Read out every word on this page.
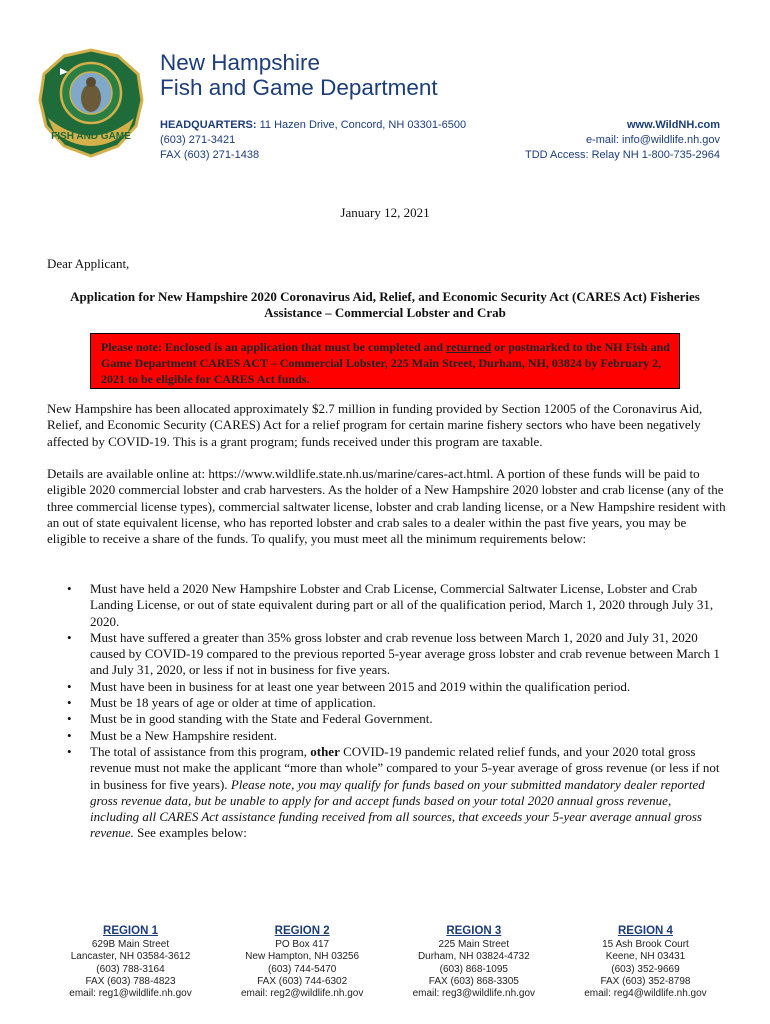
FISH AND GAME
New Hampshire
Fish and Game Department
HEADQUARTERS: 11 Hazen Drive, Concord, NH 03301-6500
(603) 271-3421
FAX (603) 271-1438
www.WildNH.com
e-mail: info@wildlife.nh.gov
TDD Access: Relay NH 1-800-735-2964
January 12, 2021
Dear Applicant,
Application for New Hampshire 2020 Coronavirus Aid, Relief, and Economic Security Act (CARES Act) Fisheries
Assistance – Commercial Lobster and Crab
Please note: Enclosed is an application that must be completed and returned or postmarked to the NH Fish and Game Department CARES ACT – Commercial Lobster, 225 Main Street, Durham, NH, 03824 by February 2, 2021 to be eligible for CARES Act funds.
New Hampshire has been allocated approximately $2.7 million in funding provided by Section 12005 of the Coronavirus Aid, Relief, and Economic Security (CARES) Act for a relief program for certain marine fishery sectors who have been negatively affected by COVID-19. This is a grant program; funds received under this program are taxable.
Details are available online at: https://www.wildlife.state.nh.us/marine/cares-act.html. A portion of these funds will be paid to eligible 2020 commercial lobster and crab harvesters. As the holder of a New Hampshire 2020 lobster and crab license (any of the three commercial license types), commercial saltwater license, lobster and crab landing license, or a New Hampshire resident with an out of state equivalent license, who has reported lobster and crab sales to a dealer within the past five years, you may be eligible to receive a share of the funds. To qualify, you must meet all the minimum requirements below:
• Must have held a 2020 New Hampshire Lobster and Crab License, Commercial Saltwater License, Lobster and Crab Landing License, or out of state equivalent during part or all of the qualification period, March 1, 2020 through July 31, 2020.
• Must have suffered a greater than 35% gross lobster and crab revenue loss between March 1, 2020 and July 31, 2020 caused by COVID-19 compared to the previous reported 5-year average gross lobster and crab revenue between March 1 and July 31, 2020, or less if not in business for five years.
• Must have been in business for at least one year between 2015 and 2019 within the qualification period.
• Must be 18 years of age or older at time of application.
• Must be in good standing with the State and Federal Government.
• Must be a New Hampshire resident.
• The total of assistance from this program, other COVID-19 pandemic related relief funds, and your 2020 total gross revenue must not make the applicant “more than whole” compared to your 5-year average of gross revenue (or less if not in business for five years). Please note, you may qualify for funds based on your submitted mandatory dealer reported gross revenue data, but be unable to apply for and accept funds based on your total 2020 annual gross revenue, including all CARES Act assistance funding received from all sources, that exceeds your 5-year average annual gross revenue. See examples below:
REGION 1
629B Main Street
Lancaster, NH 03584-3612
(603) 788-3164
FAX (603) 788-4823
email: reg1@wildlife.nh.gov
REGION 2
PO Box 417
New Hampton, NH 03256
(603) 744-5470
FAX (603) 744-6302
email: reg2@wildlife.nh.gov
REGION 3
225 Main Street
Durham, NH 03824-4732
(603) 868-1095
FAX (603) 868-3305
email: reg3@wildlife.nh.gov
REGION 4
15 Ash Brook Court
Keene, NH 03431
(603) 352-9669
FAX (603) 352-8798
email: reg4@wildlife.nh.gov
